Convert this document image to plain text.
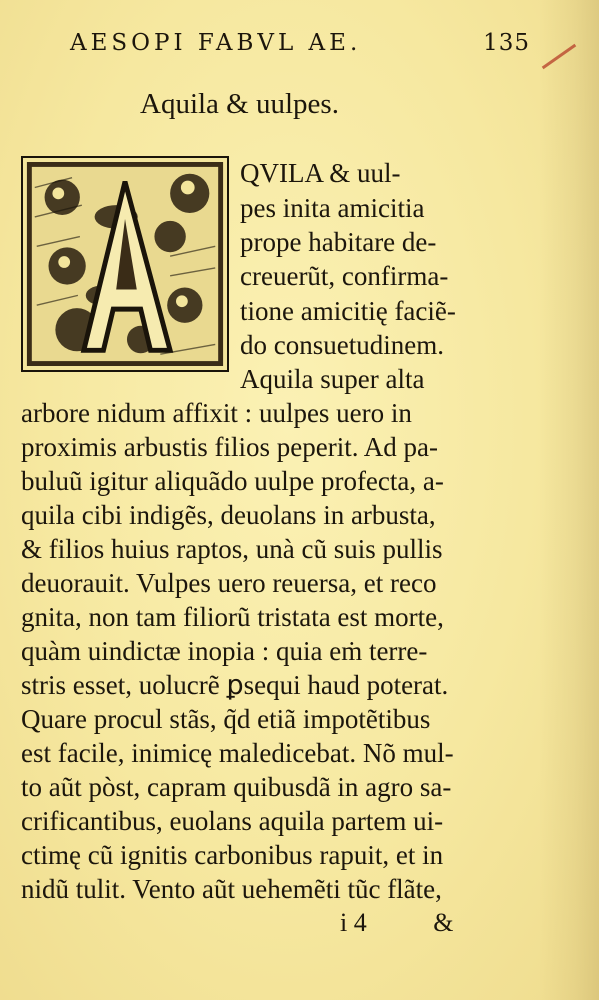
AESOPI FABVL AE.	135
Aquila & uulpes.
QVILA & uul-
pes inita amicitia
prope habitare de-
creuerũt, confirma-
tione amicitię faciẽ-
do consuetudinem.
Aquila super alta
arbore nidum affixit : uulpes uero in
proximis arbustis filios peperit. Ad pa-
buluũ igitur aliquãdo uulpe profecta, a-
quila cibi indigẽs, deuolans in arbusta,
& filios huius raptos, unà cũ suis pullis
deuorauit. Vulpes uero reuersa, et reco
gnita, non tam filiorũ tristata est morte,
quàm uindictæ inopia : quia eṁ terre-
stris esset, uolucrẽ ꝑsequi haud poterat.
Quare procul stãs, q̃d etiã impotẽtibus
est facile, inimicę maledicebat. Nõ mul-
to aũt pòst, capram quibusdã in agro sa-
crificantibus, euolans aquila partem ui-
ctimę cũ ignitis carbonibus rapuit, et in
nidũ tulit. Vento aũt uehemẽti tũc flãte,
i 4	&
